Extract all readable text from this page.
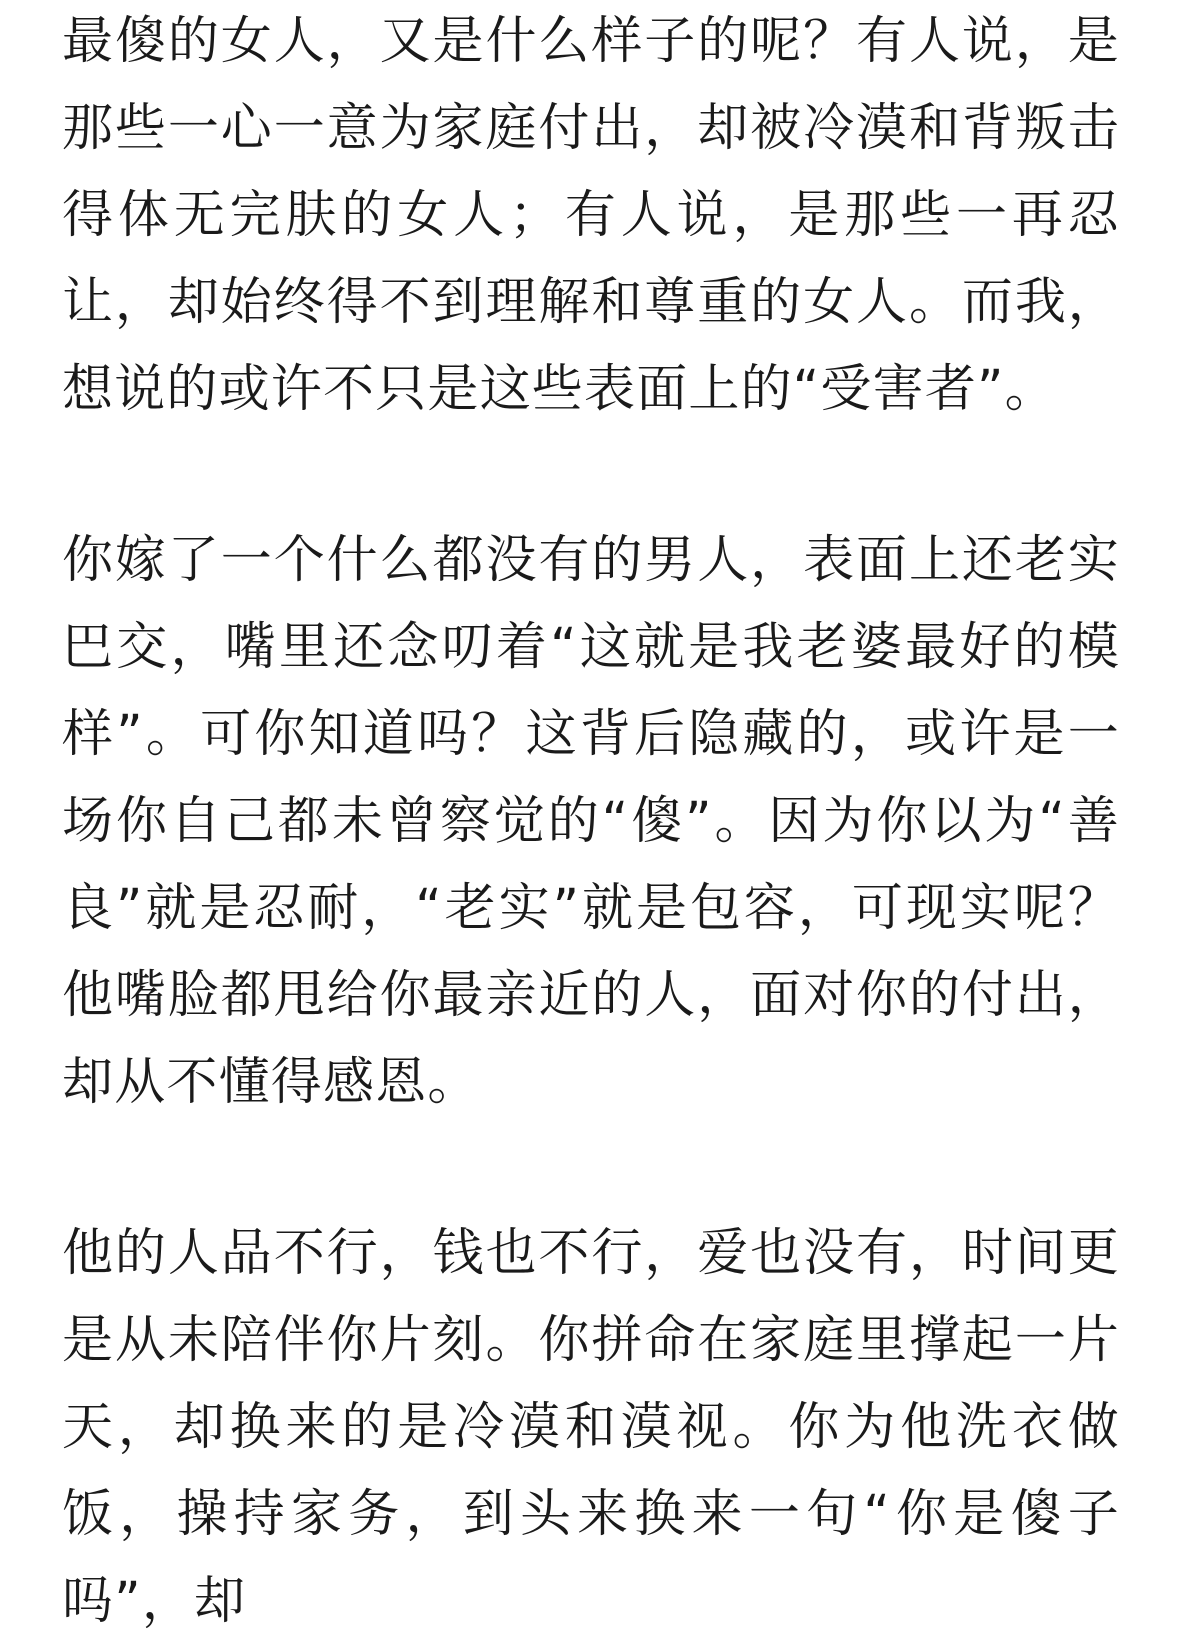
最傻的女人，又是什么样子的呢？有人说，是那些一心一意为家庭付出，却被冷漠和背叛击得体无完肤的女人；有人说，是那些一再忍让，却始终得不到理解和尊重的女人。而我，想说的或许不只是这些表面上的“受害者”。

你嫁了一个什么都没有的男人，表面上还老实巴交，嘴里还念叨着“这就是我老婆最好的模样”。可你知道吗？这背后隐藏的，或许是一场你自己都未曾察觉的“傻”。因为你以为“善良”就是忍耐，“老实”就是包容，可现实呢？他嘴脸都甩给你最亲近的人，面对你的付出，却从不懂得感恩。

他的人品不行，钱也不行，爱也没有，时间更是从未陪伴你片刻。你拼命在家庭里撑起一片天，却换来的是冷漠和漠视。你为他洗衣做饭，操持家务，到头来换来一句“你是傻子吗”，却
